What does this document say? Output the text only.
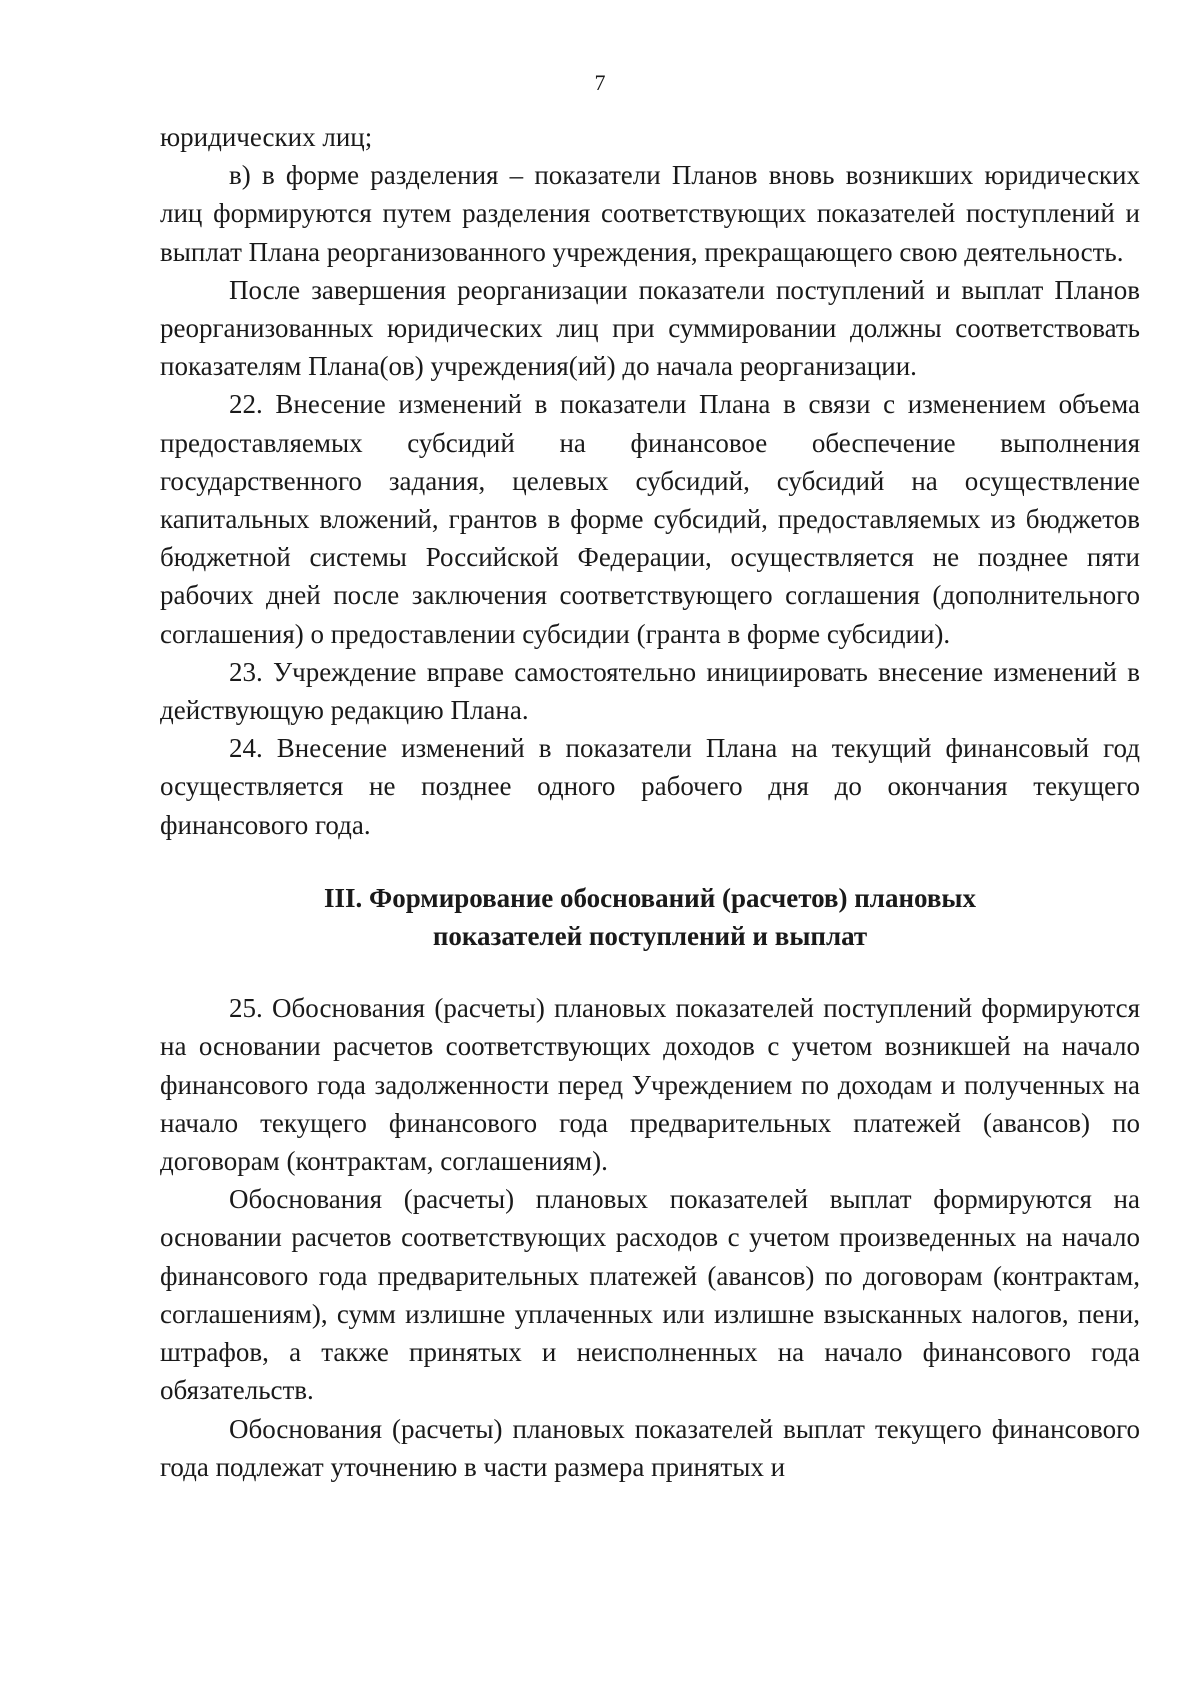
7

юридических лиц;

в) в форме разделения – показатели Планов вновь возникших юридических лиц формируются путем разделения соответствующих показателей поступлений и выплат Плана реорганизованного учреждения, прекращающего свою деятельность.

После завершения реорганизации показатели поступлений и выплат Планов реорганизованных юридических лиц при суммировании должны соответствовать показателям Плана(ов) учреждения(ий) до начала реорганизации.

22. Внесение изменений в показатели Плана в связи с изменением объема предоставляемых субсидий на финансовое обеспечение выполнения государственного задания, целевых субсидий, субсидий на осуществление капитальных вложений, грантов в форме субсидий, предоставляемых из бюджетов бюджетной системы Российской Федерации, осуществляется не позднее пяти рабочих дней после заключения соответствующего соглашения (дополнительного соглашения) о предоставлении субсидии (гранта в форме субсидии).

23. Учреждение вправе самостоятельно инициировать внесение изменений в действующую редакцию Плана.

24. Внесение изменений в показатели Плана на текущий финансовый год осуществляется не позднее одного рабочего дня до окончания текущего финансового года.

III. Формирование обоснований (расчетов) плановых
показателей поступлений и выплат

25. Обоснования (расчеты) плановых показателей поступлений формируются на основании расчетов соответствующих доходов с учетом возникшей на начало финансового года задолженности перед Учреждением по доходам и полученных на начало текущего финансового года предварительных платежей (авансов) по договорам (контрактам, соглашениям).

Обоснования (расчеты) плановых показателей выплат формируются на основании расчетов соответствующих расходов с учетом произведенных на начало финансового года предварительных платежей (авансов) по договорам (контрактам, соглашениям), сумм излишне уплаченных или излишне взысканных налогов, пени, штрафов, а также принятых и неисполненных на начало финансового года обязательств.

Обоснования (расчеты) плановых показателей выплат текущего финансового года подлежат уточнению в части размера принятых и
